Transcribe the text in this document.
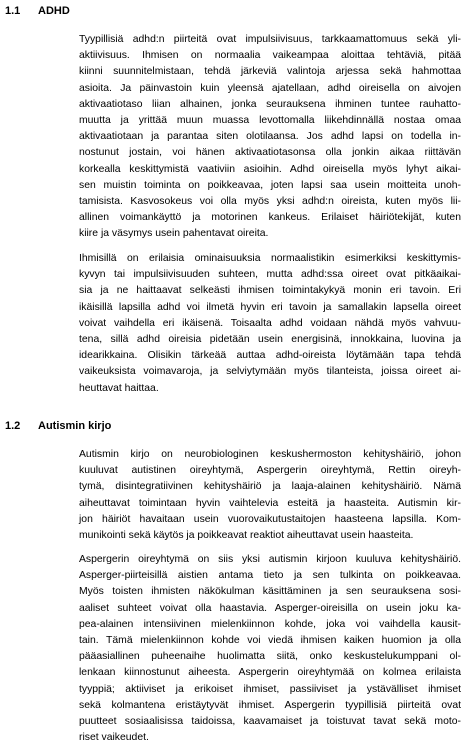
1.1 ADHD
Tyypillisiä adhd:n piirteitä ovat impulsiivisuus, tarkkaamattomuus sekä yli-
aktiivisuus. Ihmisen on normaalia vaikeampaa aloittaa tehtäviä, pitää
kiinni suunnitelmistaan, tehdä järkeviä valintoja arjessa sekä hahmottaa
asioita. Ja päinvastoin kuin yleensä ajatellaan, adhd oireisella on aivojen
aktivaatiotaso liian alhainen, jonka seurauksena ihminen tuntee rauhatto-
muutta ja yrittää muun muassa levottomalla liikehdinnällä nostaa omaa
aktivaatiotaan ja parantaa siten olotilaansa. Jos adhd lapsi on todella in-
nostunut jostain, voi hänen aktivaatiotasonsa olla jonkin aikaa riittävän
korkealla keskittymistä vaativiin asioihin. Adhd oireisella myös lyhyt aikai-
sen muistin toiminta on poikkeavaa, joten lapsi saa usein moitteita unoh-
tamisista. Kasvosokeus voi olla myös yksi adhd:n oireista, kuten myös lii-
allinen voimankäyttö ja motorinen kankeus. Erilaiset häiriötekijät, kuten
kiire ja väsymys usein pahentavat oireita.
Ihmisillä on erilaisia ominaisuuksia normaalistikin esimerkiksi keskittymis-
kyvyn tai impulsiivisuuden suhteen, mutta adhd:ssa oireet ovat pitkäaikai-
sia ja ne haittaavat selkeästi ihmisen toimintakykyä monin eri tavoin. Eri
ikäisillä lapsilla adhd voi ilmetä hyvin eri tavoin ja samallakin lapsella oireet
voivat vaihdella eri ikäisenä. Toisaalta adhd voidaan nähdä myös vahvuu-
tena, sillä adhd oireisia pidetään usein energisinä, innokkaina, luovina ja
idearikkaina. Olisikin tärkeää auttaa adhd-oireista löytämään tapa tehdä
vaikeuksista voimavaroja, ja selviytymään myös tilanteista, joissa oireet ai-
heuttavat haittaa.
1.2 Autismin kirjo
Autismin kirjo on neurobiologinen keskushermoston kehityshäiriö, johon
kuuluvat autistinen oireyhtymä, Aspergerin oireyhtymä, Rettin oireyh-
tymä, disintegratiivinen kehityshäiriö ja laaja-alainen kehityshäiriö. Nämä
aiheuttavat toimintaan hyvin vaihtelevia esteitä ja haasteita. Autismin kir-
jon häiriöt havaitaan usein vuorovaikutustaitojen haasteena lapsilla. Kom-
munikointi sekä käytös ja poikkeavat reaktiot aiheuttavat usein haasteita.
Aspergerin oireyhtymä on siis yksi autismin kirjoon kuuluva kehityshäiriö.
Asperger-piirteisillä aistien antama tieto ja sen tulkinta on poikkeavaa.
Myös toisten ihmisten näkökulman käsittäminen ja sen seurauksena sosi-
aaliset suhteet voivat olla haastavia. Asperger-oireisilla on usein joku ka-
pea-alainen intensiivinen mielenkiinnon kohde, joka voi vaihdella kausit-
tain. Tämä mielenkiinnon kohde voi viedä ihmisen kaiken huomion ja olla
pääasiallinen puheenaihe huolimatta siitä, onko keskustelukumppani ol-
lenkaan kiinnostunut aiheesta. Aspergerin oireyhtymää on kolmea erilaista
tyyppiä; aktiiviset ja erikoiset ihmiset, passiiviset ja ystävälliset ihmiset
sekä kolmantena eristäytyvät ihmiset. Aspergerin tyypillisiä piirteitä ovat
puutteet sosiaalisissa taidoissa, kaavamaiset ja toistuvat tavat sekä moto-
riset vaikeudet.
